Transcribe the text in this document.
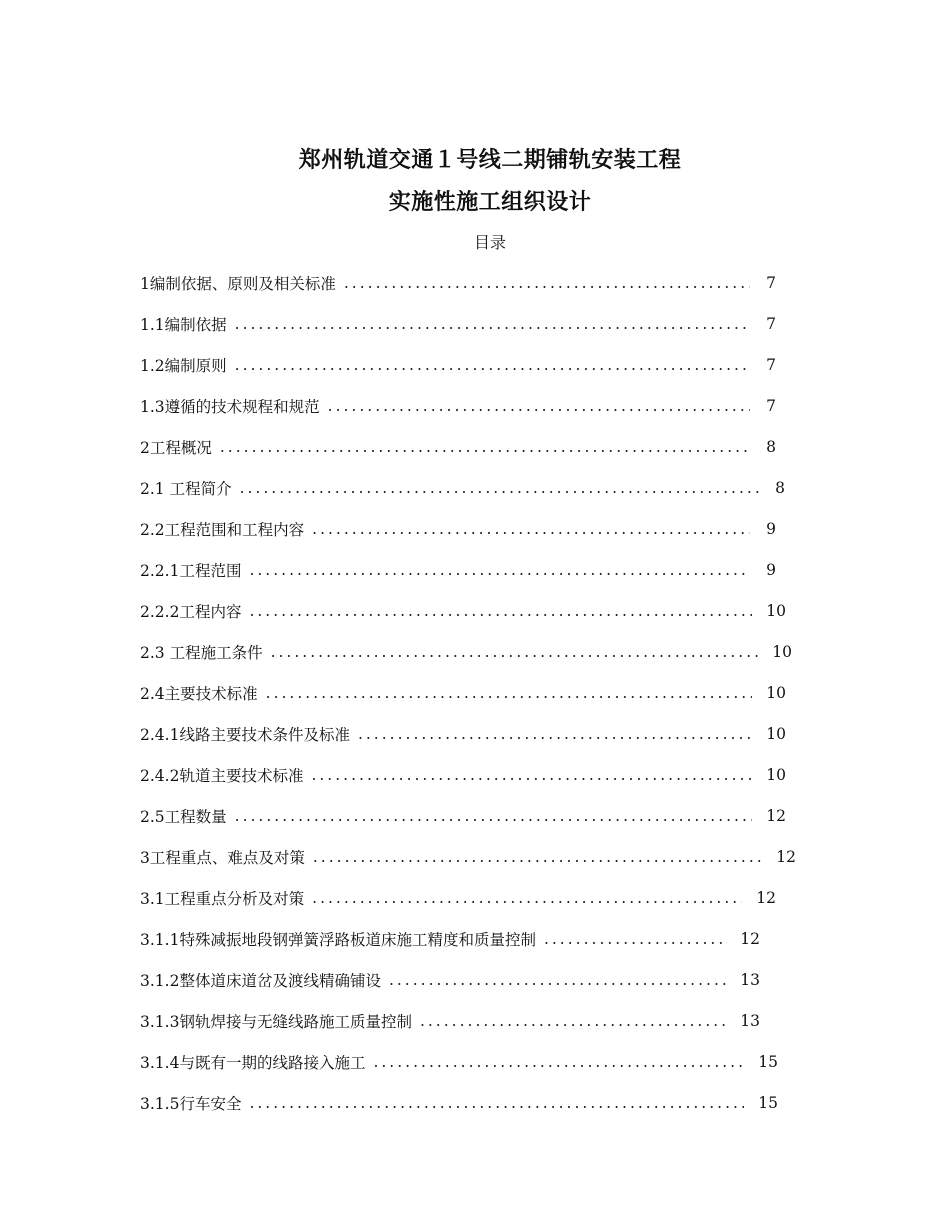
郑州轨道交通１号线二期铺轨安装工程
实施性施工组织设计
目录
1编制依据、原则及相关标准 .....	7
1.1编制依据 .....	7
1.2编制原则 .....	7
1.3遵循的技术规程和规范 .....	7
2工程概况 .....	8
2.1 工程简介 .....	8
2.2工程范围和工程内容 .....	9
2.2.1工程范围 .....	9
2.2.2工程内容 .....	10
2.3 工程施工条件 .....	10
2.4主要技术标准 .....	10
2.4.1线路主要技术条件及标准 .....	10
2.4.2轨道主要技术标准 .....	10
2.5工程数量 .....	12
3工程重点、难点及对策 .....	12
3.1工程重点分析及对策 .....	12
3.1.1特殊减振地段钢弹簧浮路板道床施工精度和质量控制 .....	12
3.1.2整体道床道岔及渡线精确铺设 .....	13
3.1.3钢轨焊接与无缝线路施工质量控制 .....	13
3.1.4与既有一期的线路接入施工 .....	15
3.1.5行车安全 .....	15
